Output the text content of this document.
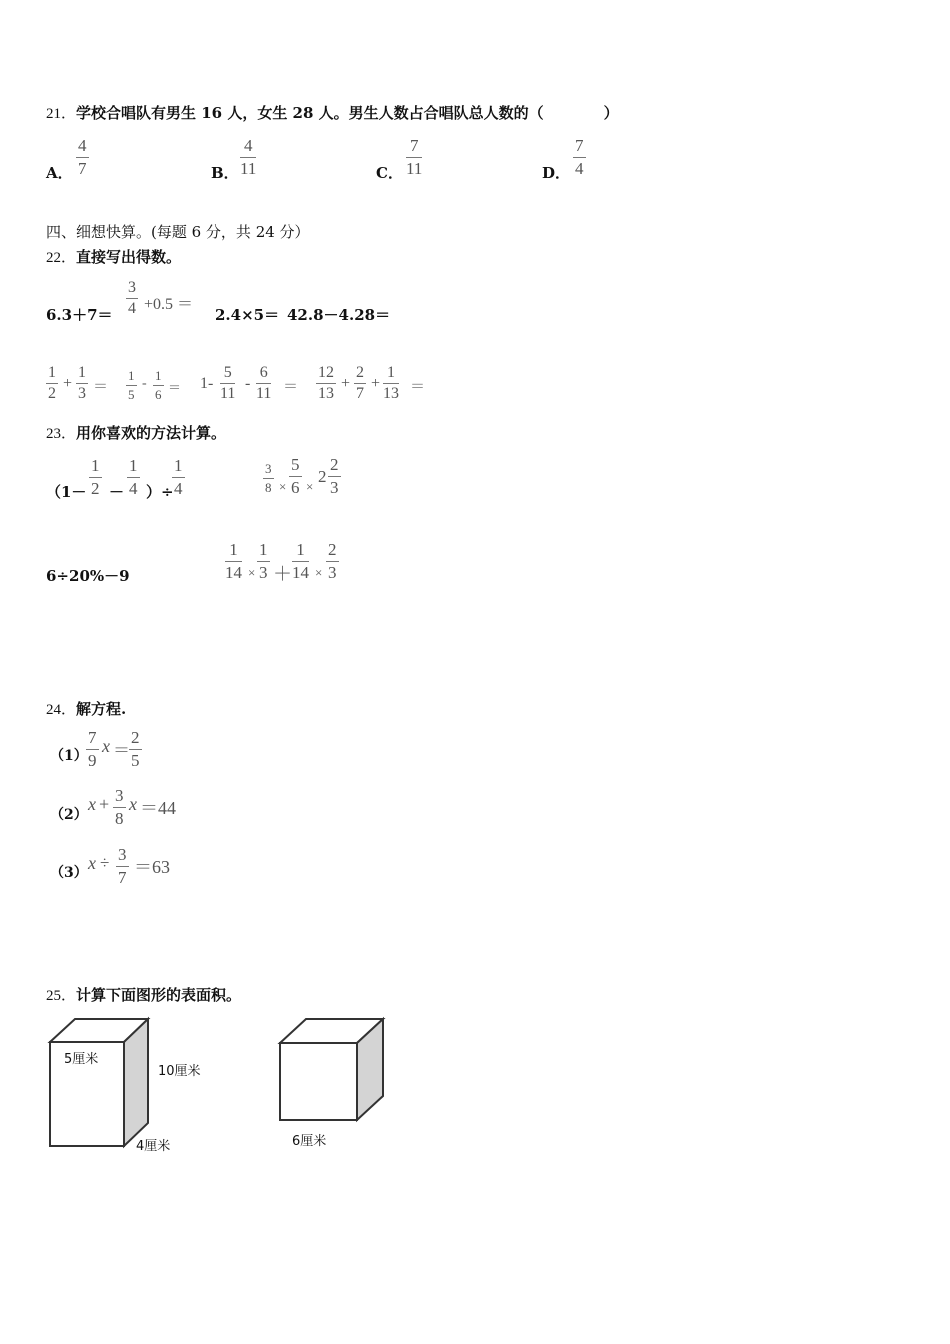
21．学校合唱队有男生 16 人，女生 28 人。男生人数占合唱队总人数的（　　　　）
A． $\frac{4}{7}$	B． $\frac{4}{11}$	C． $\frac{7}{11}$	D． $\frac{7}{4}$
四、细想快算。(每题 6 分，共 24 分）
22．直接写出得数。
$6.3+7= \frac{3}{4} +0.5$ ＝
2.4×5＝ 42.8－4.28＝
$\frac{1}{2} + \frac{1}{3} = \frac{1}{5} - \frac{1}{6} = 1- \frac{5}{11} - \frac{6}{11} = \frac{12}{13} + \frac{2}{7} + \frac{1}{13}$ ＝
23．用你喜欢的方法计算。
（$1- \frac{1}{2} - \frac{1}{4}$ ）÷
$\frac{1}{4}$	$\frac{3}{8} \times \frac{5}{6}$ ×
$2 \frac{2}{3}$
6÷20%－9	$\frac{1}{14} \times \frac{1}{3} + \frac{1}{14} \times \frac{2}{3}$
24．解方程.
（1）
$\frac{7}{9}$ $x = \frac{2}{5}$
（2）
$x + \frac{3}{8}$ x ＝44
（3） $x \div \frac{3}{7} =63$
25．计算下面图形的表面积。
5厘米
10厘米
4厘米	6厘米
